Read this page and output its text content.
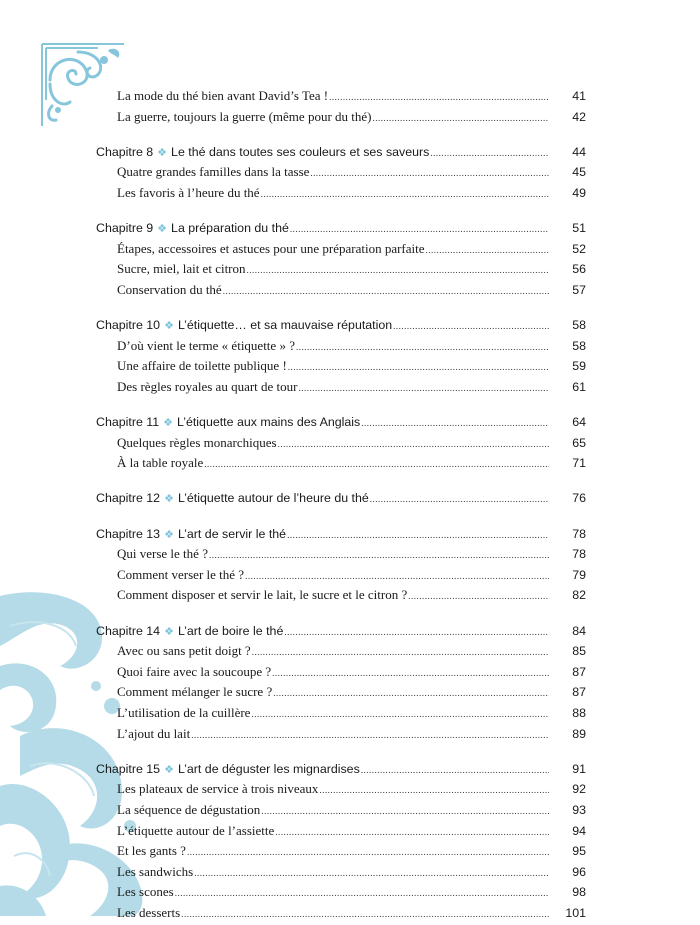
La mode du thé bien avant David’s Tea ! .....	41
La guerre, toujours la guerre (même pour du thé) .....	42
Chapitre 8 ❖ Le thé dans toutes ses couleurs et ses saveurs .....	44
Quatre grandes familles dans la tasse .....	45
Les favoris à l’heure du thé .....	49
Chapitre 9 ❖ La préparation du thé .....	51
Étapes, accessoires et astuces pour une préparation parfaite .....	52
Sucre, miel, lait et citron .....	56
Conservation du thé .....	57
Chapitre 10 ❖ L’étiquette… et sa mauvaise réputation .....	58
D’où vient le terme « étiquette » ? .....	58
Une affaire de toilette publique ! .....	59
Des règles royales au quart de tour .....	61
Chapitre 11 ❖ L’étiquette aux mains des Anglais .....	64
Quelques règles monarchiques .....	65
À la table royale .....	71
Chapitre 12 ❖ L’étiquette autour de l’heure du thé .....	76
Chapitre 13 ❖ L’art de servir le thé .....	78
Qui verse le thé ? .....	78
Comment verser le thé ? .....	79
Comment disposer et servir le lait, le sucre et le citron ? .....	82
Chapitre 14 ❖ L’art de boire le thé .....	84
Avec ou sans petit doigt ? .....	85
Quoi faire avec la soucoupe ? .....	87
Comment mélanger le sucre ? .....	87
L’utilisation de la cuillère .....	88
L’ajout du lait .....	89
Chapitre 15 ❖ L’art de déguster les mignardises .....	91
Les plateaux de service à trois niveaux .....	92
La séquence de dégustation .....	93
L’étiquette autour de l’assiette .....	94
Et les gants ? .....	95
Les sandwichs .....	96
Les scones .....	98
Les desserts .....	101
